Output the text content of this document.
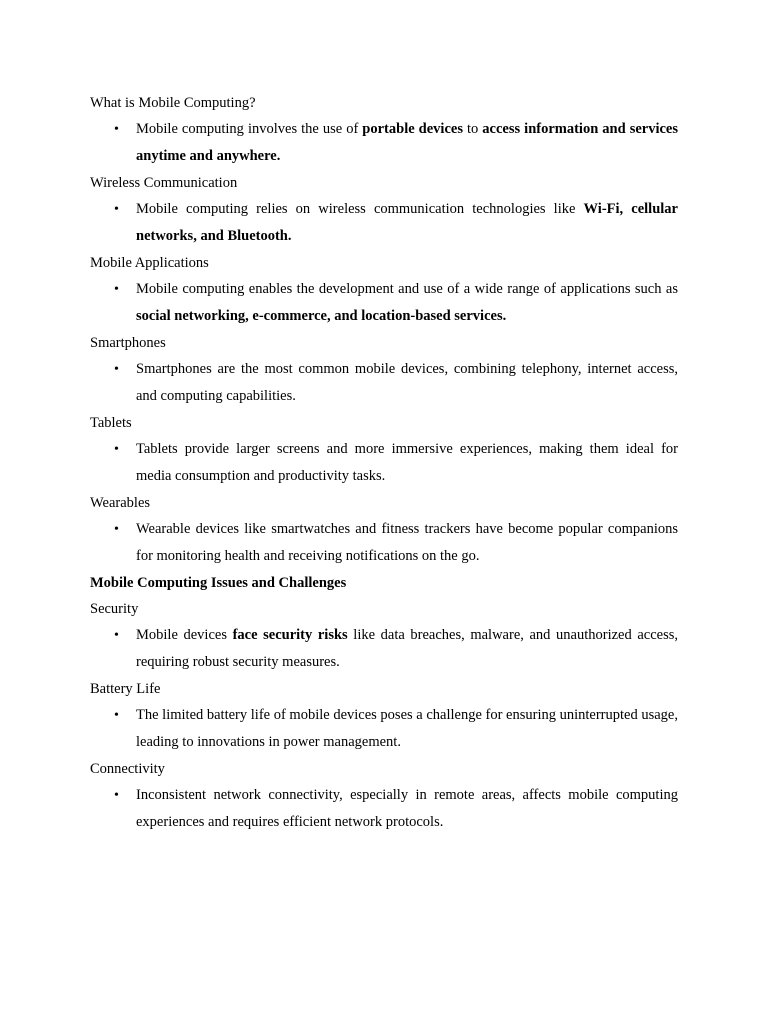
What is Mobile Computing?
• Mobile computing involves the use of portable devices to access information and services anytime and anywhere.
Wireless Communication
• Mobile computing relies on wireless communication technologies like Wi-Fi, cellular networks, and Bluetooth.
Mobile Applications
• Mobile computing enables the development and use of a wide range of applications such as social networking, e-commerce, and location-based services.
Smartphones
• Smartphones are the most common mobile devices, combining telephony, internet access, and computing capabilities.
Tablets
• Tablets provide larger screens and more immersive experiences, making them ideal for media consumption and productivity tasks.
Wearables
• Wearable devices like smartwatches and fitness trackers have become popular companions for monitoring health and receiving notifications on the go.
Mobile Computing Issues and Challenges
Security
• Mobile devices face security risks like data breaches, malware, and unauthorized access, requiring robust security measures.
Battery Life
• The limited battery life of mobile devices poses a challenge for ensuring uninterrupted usage, leading to innovations in power management.
Connectivity
• Inconsistent network connectivity, especially in remote areas, affects mobile computing experiences and requires efficient network protocols.
